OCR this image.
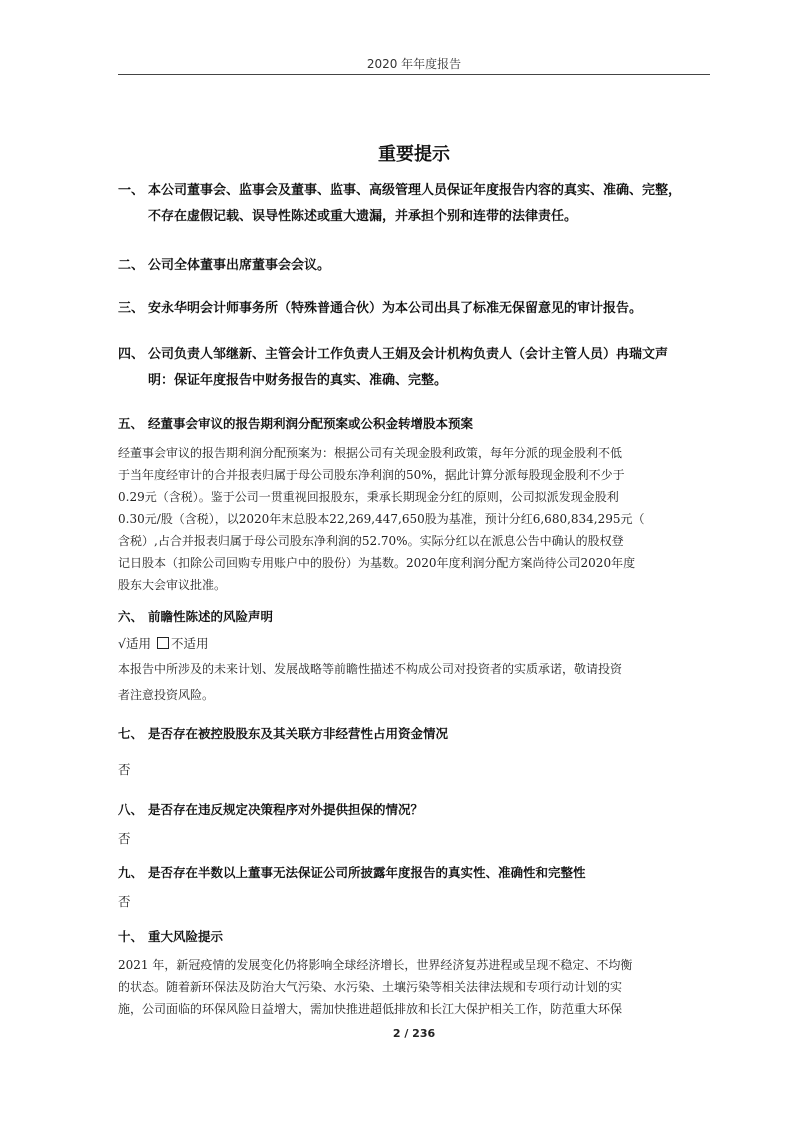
2020 年年度报告
重要提示
一、 本公司董事会、监事会及董事、监事、高级管理人员保证年度报告内容的真实、准确、完整，
不存在虚假记载、误导性陈述或重大遗漏，并承担个别和连带的法律责任。
二、 公司全体董事出席董事会会议。
三、 安永华明会计师事务所（特殊普通合伙）为本公司出具了标准无保留意见的审计报告。
四、 公司负责人邹继新、主管会计工作负责人王娟及会计机构负责人（会计主管人员）冉瑞文声
明：保证年度报告中财务报告的真实、准确、完整。
五、 经董事会审议的报告期利润分配预案或公积金转增股本预案
经董事会审议的报告期利润分配预案为：根据公司有关现金股利政策，每年分派的现金股利不低
于当年度经审计的合并报表归属于母公司股东净利润的50%，据此计算分派每股现金股利不少于
0.29元（含税）。鉴于公司一贯重视回报股东，秉承长期现金分红的原则，公司拟派发现金股利
0.30元/股（含税），以2020年末总股本22,269,447,650股为基准，预计分红6,680,834,295元（
含税）,占合并报表归属于母公司股东净利润的52.70%。实际分红以在派息公告中确认的股权登
记日股本（扣除公司回购专用账户中的股份）为基数。2020年度利润分配方案尚待公司2020年度
股东大会审议批准。
六、 前瞻性陈述的风险声明
√适用 不适用
本报告中所涉及的未来计划、发展战略等前瞻性描述不构成公司对投资者的实质承诺，敬请投资
者注意投资风险。
七、 是否存在被控股股东及其关联方非经营性占用资金情况
否
八、 是否存在违反规定决策程序对外提供担保的情况？
否
九、 是否存在半数以上董事无法保证公司所披露年度报告的真实性、准确性和完整性
否
十、 重大风险提示
2021 年，新冠疫情的发展变化仍将影响全球经济增长，世界经济复苏进程或呈现不稳定、不均衡
的状态。随着新环保法及防治大气污染、水污染、土壤污染等相关法律法规和专项行动计划的实
施，公司面临的环保风险日益增大，需加快推进超低排放和长江大保护相关工作，防范重大环保
2 / 236
